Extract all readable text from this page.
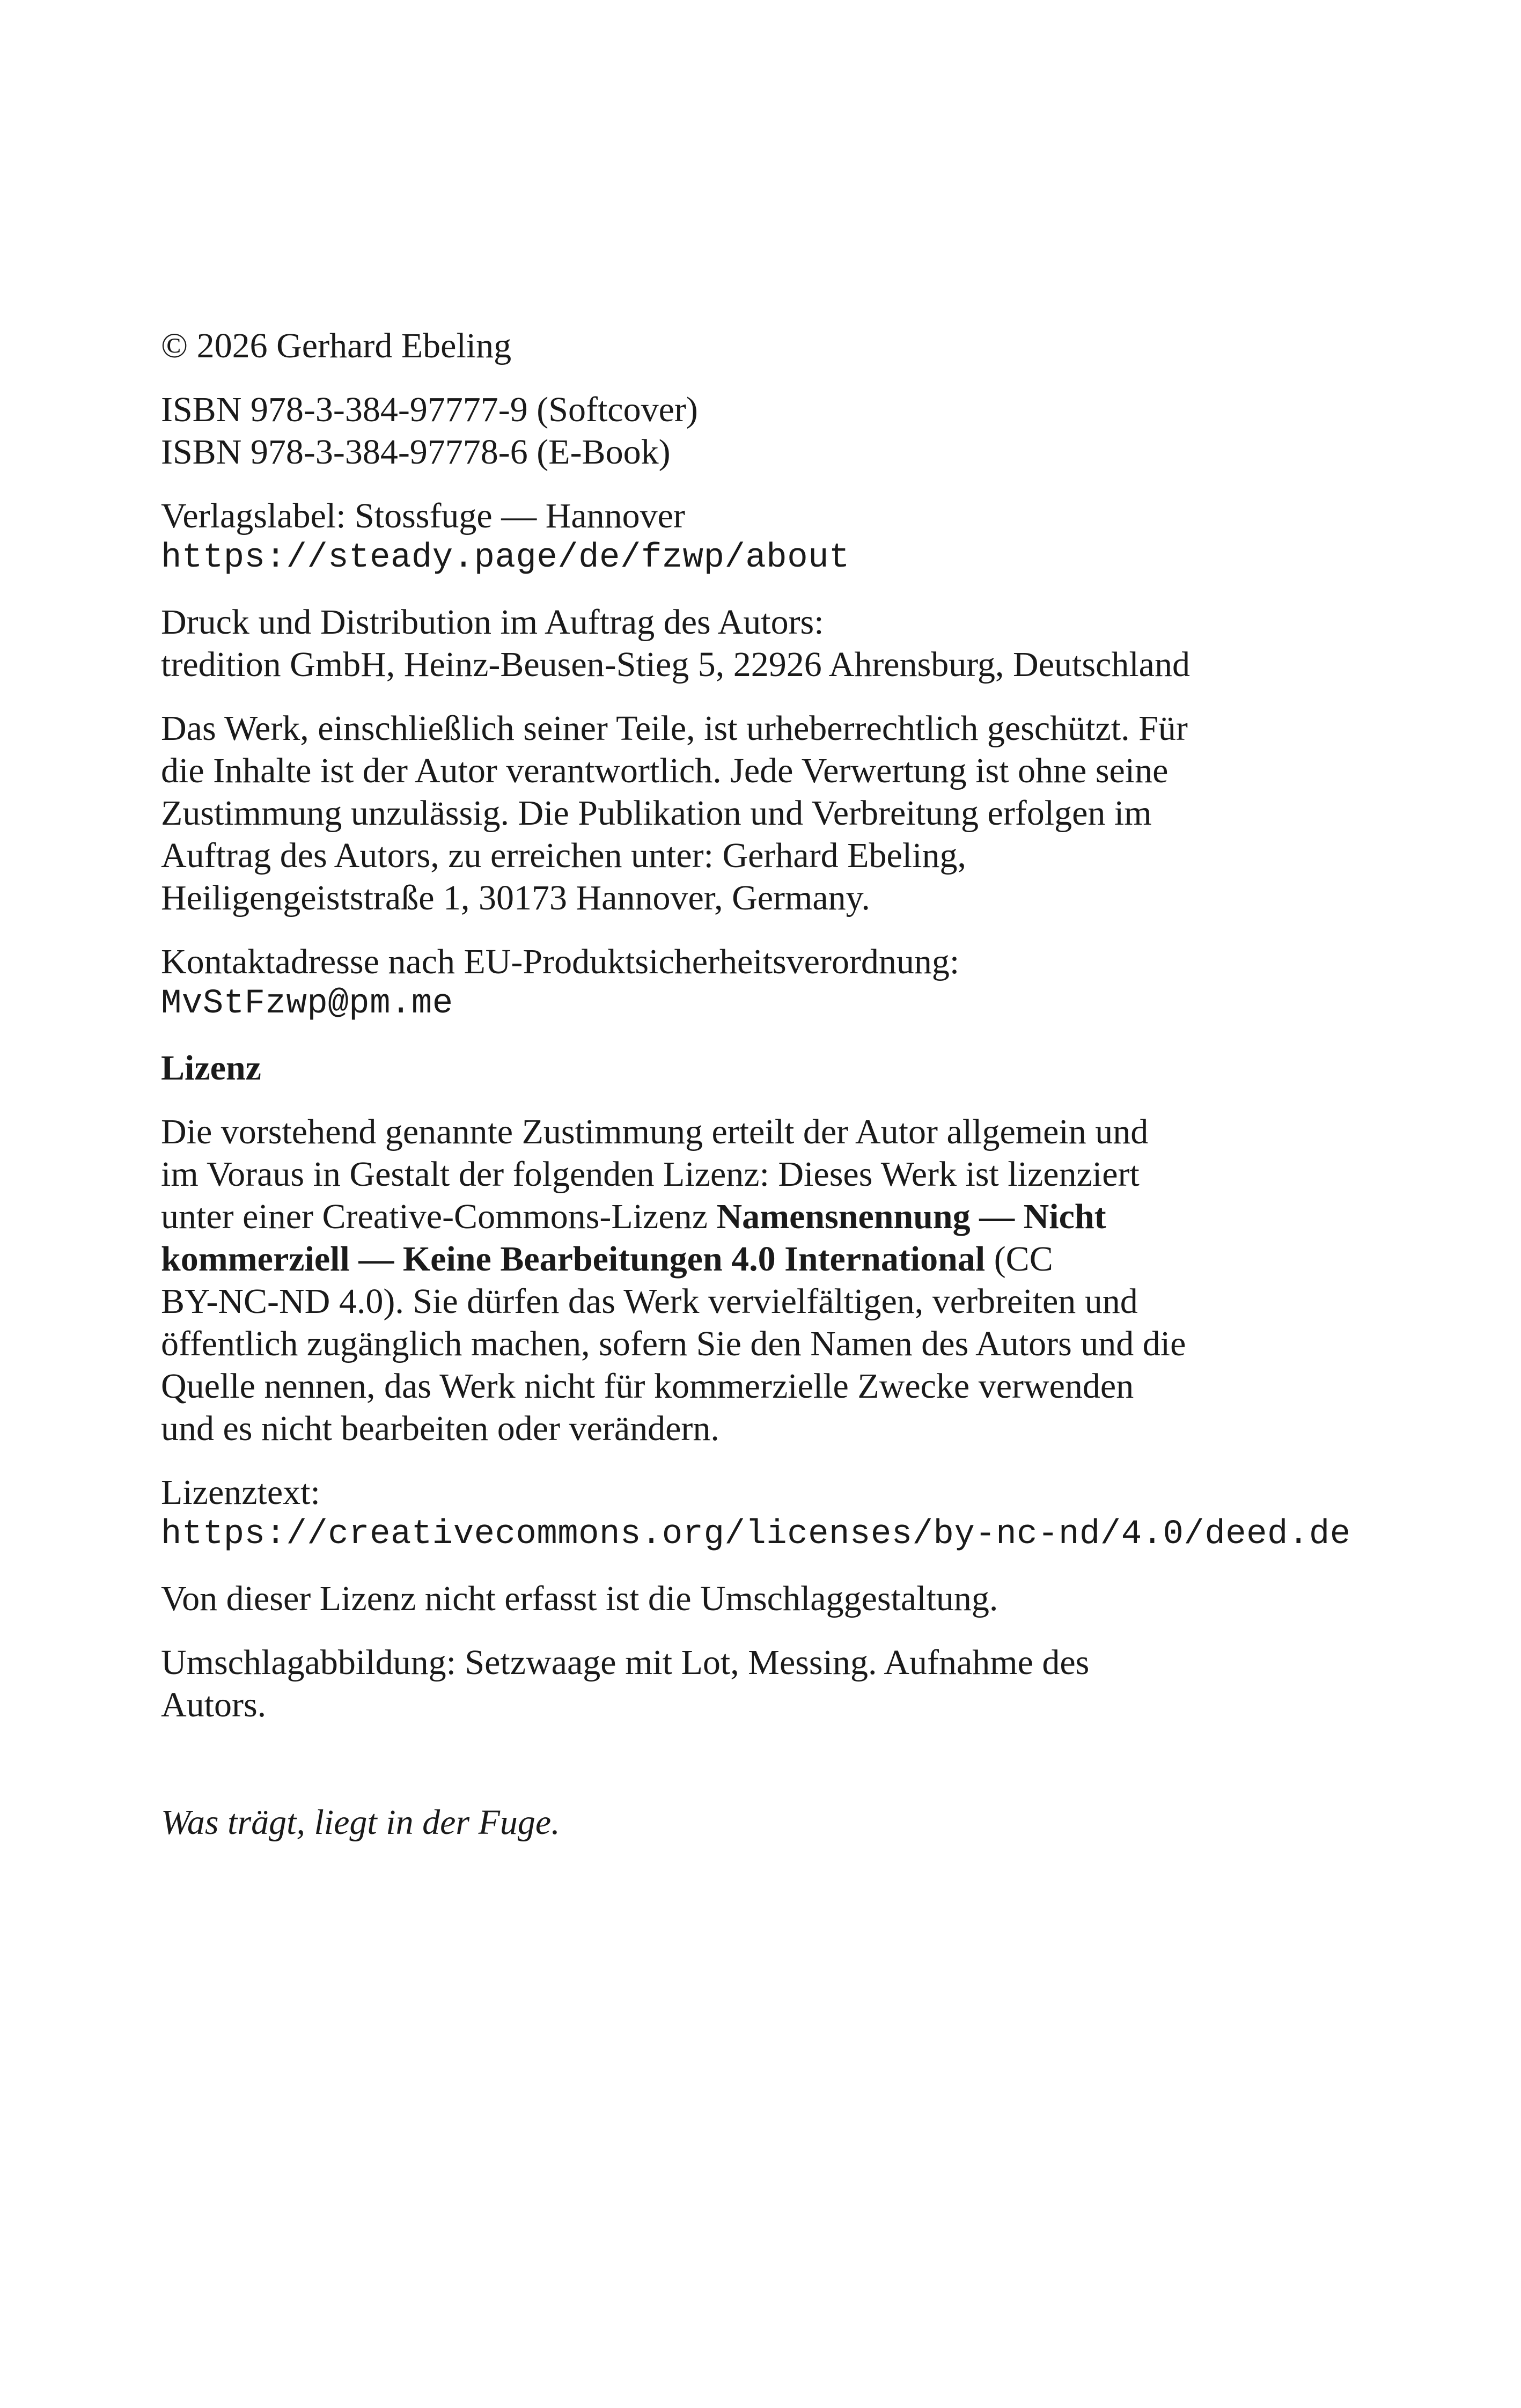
© 2026 Gerhard Ebeling

ISBN 978-3-384-97777-9 (Softcover)
ISBN 978-3-384-97778-6 (E-Book)

Verlagslabel: Stossfuge — Hannover
https://steady.page/de/fzwp/about

Druck und Distribution im Auftrag des Autors:
tredition GmbH, Heinz-Beusen-Stieg 5, 22926 Ahrensburg, Deutschland

Das Werk, einschließlich seiner Teile, ist urheberrechtlich geschützt. Für
die Inhalte ist der Autor verantwortlich. Jede Verwertung ist ohne seine
Zustimmung unzulässig. Die Publikation und Verbreitung erfolgen im
Auftrag des Autors, zu erreichen unter: Gerhard Ebeling,
Heiligengeiststraße 1, 30173 Hannover, Germany.

Kontaktadresse nach EU-Produktsicherheitsverordnung:
MvStFzwp@pm.me

Lizenz

Die vorstehend genannte Zustimmung erteilt der Autor allgemein und
im Voraus in Gestalt der folgenden Lizenz: Dieses Werk ist lizenziert
unter einer Creative-Commons-Lizenz Namensnennung — Nicht
kommerziell — Keine Bearbeitungen 4.0 International (CC
BY-NC-ND 4.0). Sie dürfen das Werk vervielfältigen, verbreiten und
öffentlich zugänglich machen, sofern Sie den Namen des Autors und die
Quelle nennen, das Werk nicht für kommerzielle Zwecke verwenden
und es nicht bearbeiten oder verändern.

Lizenztext:
https://creativecommons.org/licenses/by-nc-nd/4.0/deed.de

Von dieser Lizenz nicht erfasst ist die Umschlaggestaltung.

Umschlagabbildung: Setzwaage mit Lot, Messing. Aufnahme des
Autors.

Was trägt, liegt in der Fuge.
